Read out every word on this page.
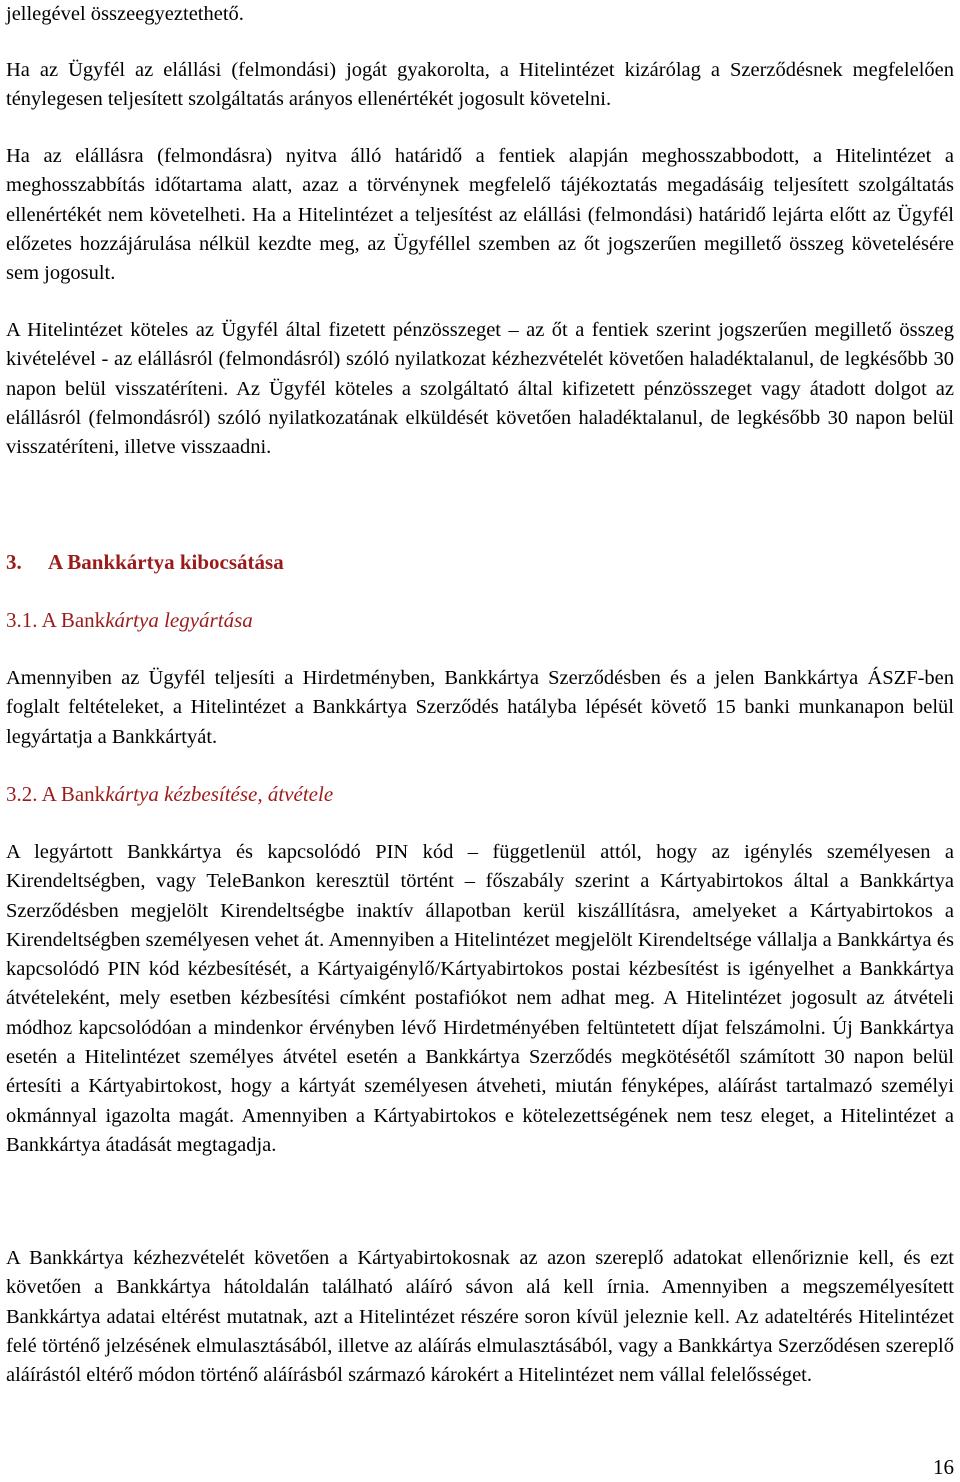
jellegével összeegyeztethető.

Ha az Ügyfél az elállási (felmondási) jogát gyakorolta, a Hitelintézet kizárólag a Szerződésnek megfelelően ténylegesen teljesített szolgáltatás arányos ellenértékét jogosult követelni.

Ha az elállásra (felmondásra) nyitva álló határidő a fentiek alapján meghosszabbodott, a Hitelintézet a meghosszabbítás időtartama alatt, azaz a törvénynek megfelelő tájékoztatás megadásáig teljesített szolgáltatás ellenértékét nem követelheti. Ha a Hitelintézet a teljesítést az elállási (felmondási) határidő lejárta előtt az Ügyfél előzetes hozzájárulása nélkül kezdte meg, az Ügyféllel szemben az őt jogszerűen megillető összeg követelésére sem jogosult.

A Hitelintézet köteles az Ügyfél által fizetett pénzösszeget – az őt a fentiek szerint jogszerűen megillető összeg kivételével - az elállásról (felmondásról) szóló nyilatkozat kézhezvételét követően haladéktalanul, de legkésőbb 30 napon belül visszatéríteni. Az Ügyfél köteles a szolgáltató által kifizetett pénzösszeget vagy átadott dolgot az elállásról (felmondásról) szóló nyilatkozatának elküldését követően haladéktalanul, de legkésőbb 30 napon belül visszatéríteni, illetve visszaadni.

3. A Bankkártya kibocsátása
3.1. A Bankkártya legyártása

Amennyiben az Ügyfél teljesíti a Hirdetményben, Bankkártya Szerződésben és a jelen Bankkártya ÁSZF-ben foglalt feltételeket, a Hitelintézet a Bankkártya Szerződés hatályba lépését követő 15 banki munkanapon belül legyártatja a Bankkártyát.

3.2. A Bankkártya kézbesítése, átvétele

A legyártott Bankkártya és kapcsolódó PIN kód – függetlenül attól, hogy az igénylés személyesen a Kirendeltségben, vagy TeleBankon keresztül történt – főszabály szerint a Kártyabirtokos által a Bankkártya Szerződésben megjelölt Kirendeltségbe inaktív állapotban kerül kiszállításra, amelyeket a Kártyabirtokos a Kirendeltségben személyesen vehet át. Amennyiben a Hitelintézet megjelölt Kirendeltsége vállalja a Bankkártya és kapcsolódó PIN kód kézbesítését, a Kártyaigénylő/Kártyabirtokos postai kézbesítést is igényelhet a Bankkártya átvételeként, mely esetben kézbesítési címként postafiókot nem adhat meg. A Hitelintézet jogosult az átvételi módhoz kapcsolódóan a mindenkor érvényben lévő Hirdetményében feltüntetett díjat felszámolni. Új Bankkártya esetén a Hitelintézet személyes átvétel esetén a Bankkártya Szerződés megkötésétől számított 30 napon belül értesíti a Kártyabirtokost, hogy a kártyát személyesen átveheti, miután fényképes, aláírást tartalmazó személyi okmánnyal igazolta magát. Amennyiben a Kártyabirtokos e kötelezettségének nem tesz eleget, a Hitelintézet a Bankkártya átadását megtagadja.

A Bankkártya kézhezvételét követően a Kártyabirtokosnak az azon szereplő adatokat ellenőriznie kell, és ezt követően a Bankkártya hátoldalán található aláíró sávon alá kell írnia. Amennyiben a megszemélyesített Bankkártya adatai eltérést mutatnak, azt a Hitelintézet részére soron kívül jeleznie kell. Az adateltérés Hitelintézet felé történő jelzésének elmulasztásából, illetve az aláírás elmulasztásából, vagy a Bankkártya Szerződésen szereplő aláírástól eltérő módon történő aláírásból származó károkért a Hitelintézet nem vállal felelősséget.

16
